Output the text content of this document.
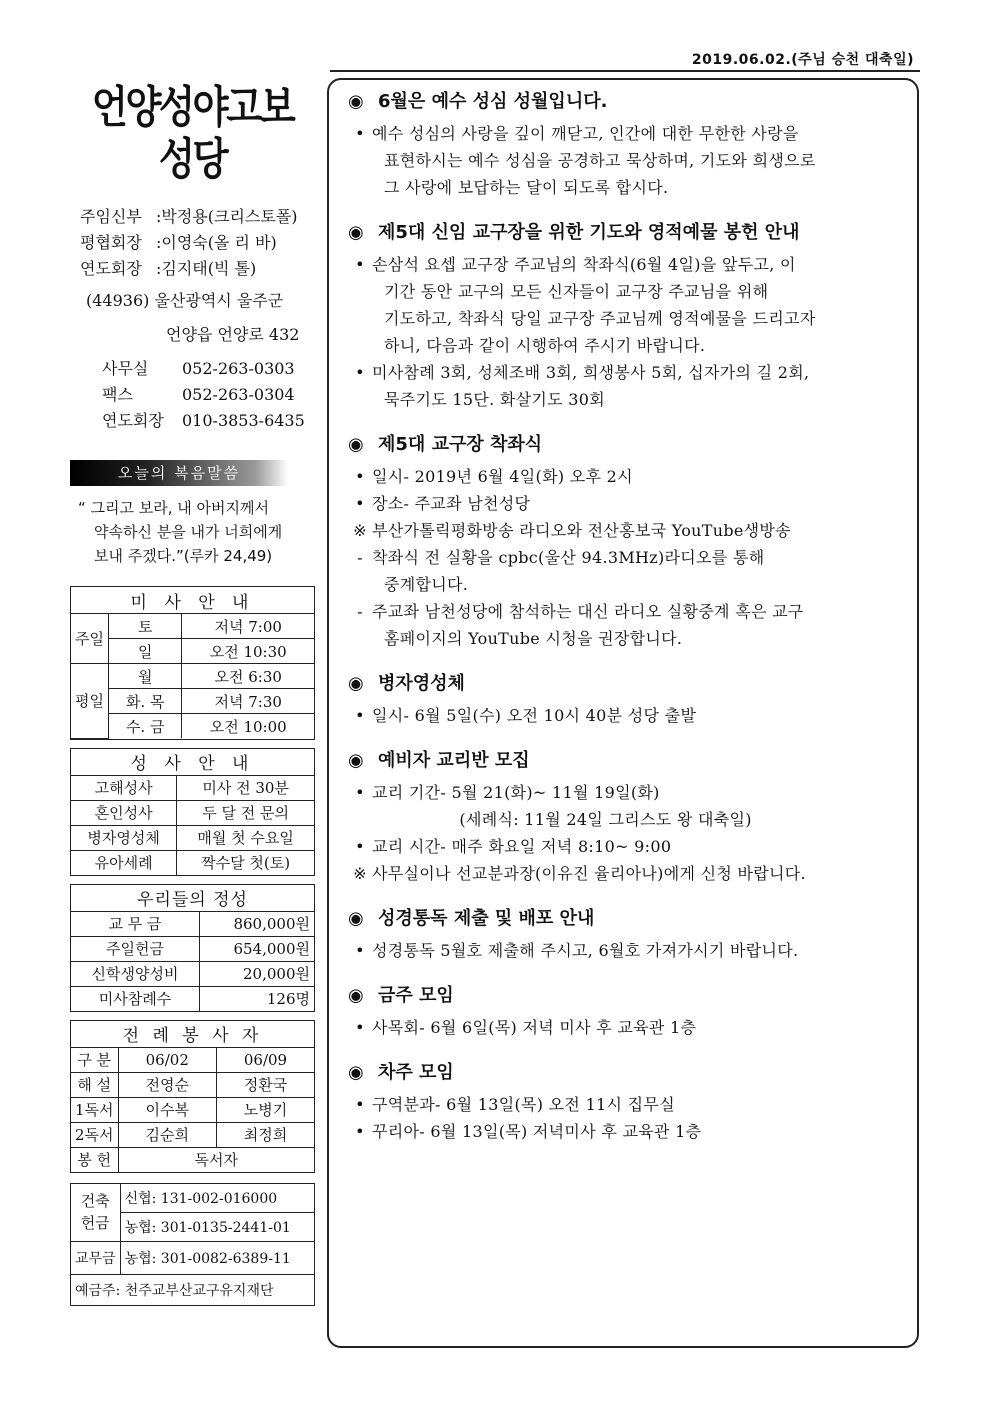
2019.06.02.(주님 승천 대축일)
언양성야고보
성당
주임신부 :박정용(크리스토폴)
평협회장 :이영숙(올 리 바)
연도회장 :김지태(빅 톨)
(44936) 울산광역시 울주군
언양읍 언양로 432
사무실 052-263-0303
팩스	052-263-0304
연도회장 010-3853-6435
오늘의 복음말씀
“ 그리고 보라, 내 아버지께서
약속하신 분을 내가 너희에게
보내 주겠다.”(루카 24,49)
미 사 안 내		
주일	토	저녁 7:00
	일	오전 10:30
평일	월	오전 6:30
	화. 목	저녁 7:30
	수. 금	오전 10:00
성 사 안 내	
고해성사	미사 전 30분
혼인성사	두 달 전 문의
병자영성체	매월 첫 수요일
유아세례	짝수달 첫(토)
우리들의 정성	
교 무 금	860,000원
주일헌금	654,000원
신학생양성비	20,000원
미사참례수	126명
전 례 봉 사 자		
구 분	06/02	06/09
해 설	전영순	정환국
1독서	이수복	노병기
2독서	김순희	최정희
봉 헌	독서자	
건축헌금	신협: 131-002-016000
	농협: 301-0135-2441-01
교무금	농협: 301-0082-6389-11
예금주: 천주교부산교구유지재단	
◉ 6월은 예수 성심 성월입니다.
• 예수 성심의 사랑을 깊이 깨닫고, 인간에 대한 무한한 사랑을
표현하시는 예수 성심을 공경하고 묵상하며, 기도와 희생으로
그 사랑에 보답하는 달이 되도록 합시다.
◉ 제5대 신임 교구장을 위한 기도와 영적예물 봉헌 안내
• 손삼석 요셉 교구장 주교님의 착좌식(6월 4일)을 앞두고, 이
기간 동안 교구의 모든 신자들이 교구장 주교님을 위해
기도하고, 착좌식 당일 교구장 주교님께 영적예물을 드리고자
하니, 다음과 같이 시행하여 주시기 바랍니다.
• 미사참례 3회, 성체조배 3회, 희생봉사 5회, 십자가의 길 2회,
묵주기도 15단. 화살기도 30회
◉ 제5대 교구장 착좌식
• 일시- 2019년 6월 4일(화) 오후 2시
• 장소- 주교좌 남천성당
※ 부산가톨릭평화방송 라디오와 전산홍보국 YouTube생방송
- 착좌식 전 실황을 cpbc(울산 94.3MHz)라디오를 통해
중계합니다.
- 주교좌 남천성당에 참석하는 대신 라디오 실황중계 혹은 교구
홈페이지의 YouTube 시청을 권장합니다.
◉ 병자영성체
• 일시- 6월 5일(수) 오전 10시 40분 성당 출발
◉ 예비자 교리반 모집
• 교리 기간- 5월 21(화)~ 11월 19일(화)
(세례식: 11월 24일 그리스도 왕 대축일)
• 교리 시간- 매주 화요일 저녁 8:10~ 9:00
※ 사무실이나 선교분과장(이유진 율리아나)에게 신청 바랍니다.
◉ 성경통독 제출 및 배포 안내
• 성경통독 5월호 제출해 주시고, 6월호 가져가시기 바랍니다.
◉ 금주 모임
• 사목회- 6월 6일(목) 저녁 미사 후 교육관 1층
◉ 차주 모임
• 구역분과- 6월 13일(목) 오전 11시 집무실
• 꾸리아- 6월 13일(목) 저녁미사 후 교육관 1층
